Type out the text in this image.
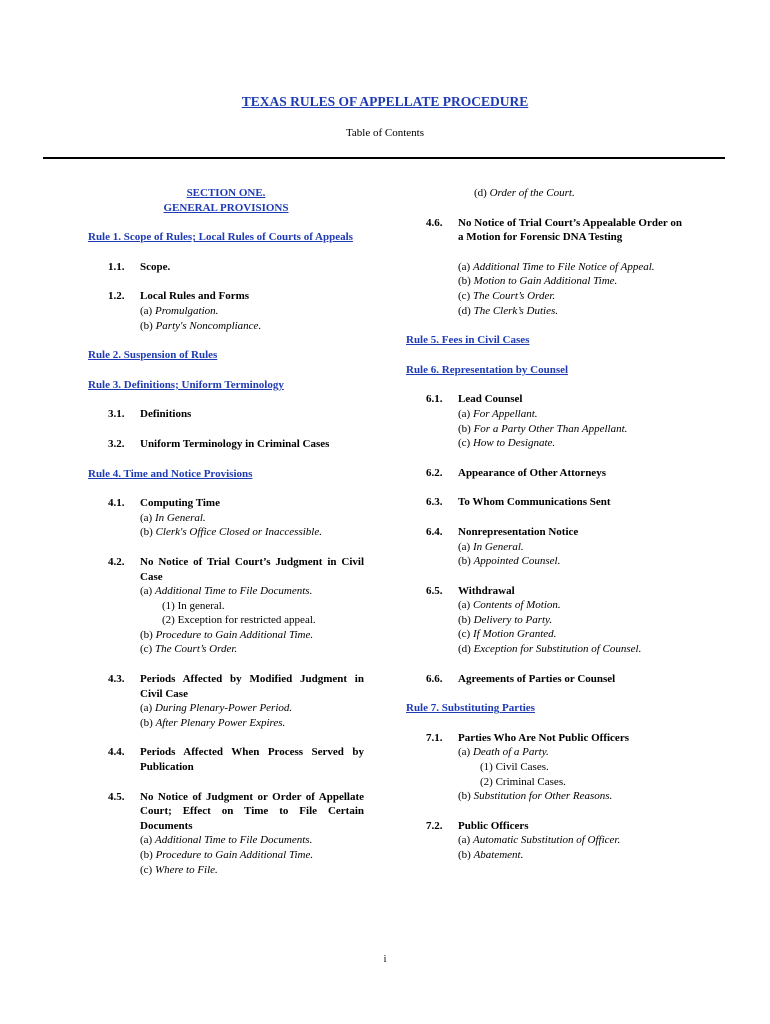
TEXAS RULES OF APPELLATE PROCEDURE
Table of Contents
SECTION ONE.
GENERAL PROVISIONS
Rule 1. Scope of Rules; Local Rules of Courts of Appeals
1.1.	Scope.
1.2.	Local Rules and Forms
(a) Promulgation.
(b) Party's Noncompliance.
Rule 2. Suspension of Rules
Rule 3. Definitions; Uniform Terminology
3.1.	Definitions
3.2.	Uniform Terminology in Criminal Cases
Rule 4. Time and Notice Provisions
4.1.	Computing Time
(a) In General.
(b) Clerk's Office Closed or Inaccessible.
4.2.	No Notice of Trial Court’s Judgment in Civil Case
(a) Additional Time to File Documents.
(1) In general.
(2) Exception for restricted appeal.
(b) Procedure to Gain Additional Time.
(c) The Court’s Order.
4.3.	Periods Affected by Modified Judgment in Civil Case
(a) During Plenary-Power Period.
(b) After Plenary Power Expires.
4.4.	Periods Affected When Process Served by Publication
4.5.	No Notice of Judgment or Order of Appellate Court; Effect on Time to File Certain Documents
(a) Additional Time to File Documents.
(b) Procedure to Gain Additional Time.
(c) Where to File.
(d) Order of the Court.
4.6.	No Notice of Trial Court’s Appealable Order on a Motion for Forensic DNA Testing
(a) Additional Time to File Notice of Appeal.
(b) Motion to Gain Additional Time.
(c) The Court’s Order.
(d) The Clerk’s Duties.
Rule 5. Fees in Civil Cases
Rule 6. Representation by Counsel
6.1.	Lead Counsel
(a) For Appellant.
(b) For a Party Other Than Appellant.
(c) How to Designate.
6.2.	Appearance of Other Attorneys
6.3.	To Whom Communications Sent
6.4.	Nonrepresentation Notice
(a) In General.
(b) Appointed Counsel.
6.5.	Withdrawal
(a) Contents of Motion.
(b) Delivery to Party.
(c) If Motion Granted.
(d) Exception for Substitution of Counsel.
6.6.	Agreements of Parties or Counsel
Rule 7. Substituting Parties
7.1.	Parties Who Are Not Public Officers
(a) Death of a Party.
(1) Civil Cases.
(2) Criminal Cases.
(b) Substitution for Other Reasons.
7.2.	Public Officers
(a) Automatic Substitution of Officer.
(b) Abatement.
i
